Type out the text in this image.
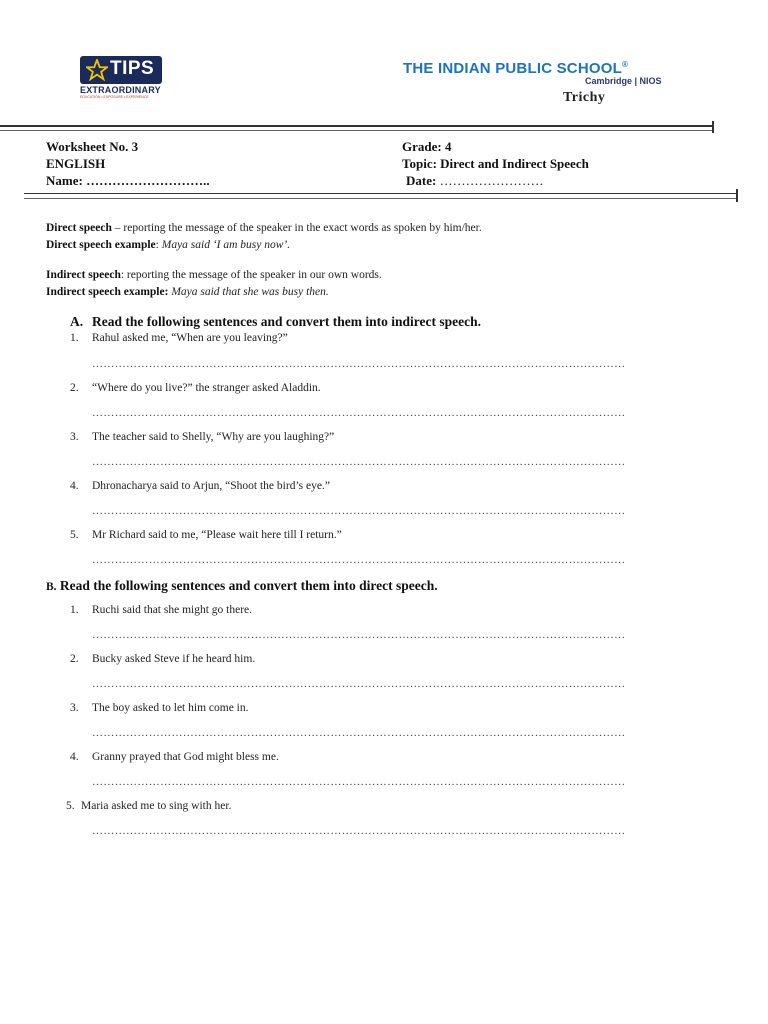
TIPS
EXTRAORDINARY
EDUCATION • EXPOSURE • EXPERIENCE
THE INDIAN PUBLIC SCHOOL®
Cambridge | NIOS
Trichy
Worksheet No. 3
ENGLISH
Name: ………………………..
Grade: 4
Topic: Direct and Indirect Speech
Date: ……………………
Direct speech – reporting the message of the speaker in the exact words as spoken by him/her.
Direct speech example: Maya said ‘I am busy now’.
Indirect speech: reporting the message of the speaker in our own words.
Indirect speech example: Maya said that she was busy then.
A. Read the following sentences and convert them into indirect speech.
1. Rahul asked me, “When are you leaving?”
……………………………………………………………………………………………………………………………
2. “Where do you live?” the stranger asked Aladdin.
……………………………………………………………………………………………………………………………
3. The teacher said to Shelly, “Why are you laughing?”
……………………………………………………………………………………………………………………………
4. Dhronacharya said to Arjun, “Shoot the bird’s eye.”
……………………………………………………………………………………………………………………………
5. Mr Richard said to me, “Please wait here till I return.”
……………………………………………………………………………………………………………………………
B. Read the following sentences and convert them into direct speech.
1. Ruchi said that she might go there.
……………………………………………………………………………………………………………………………
2. Bucky asked Steve if he heard him.
……………………………………………………………………………………………………………………………
3. The boy asked to let him come in.
……………………………………………………………………………………………………………………………
4. Granny prayed that God might bless me.
……………………………………………………………………………………………………………………………
5. Maria asked me to sing with her.
……………………………………………………………………………………………………………………………
